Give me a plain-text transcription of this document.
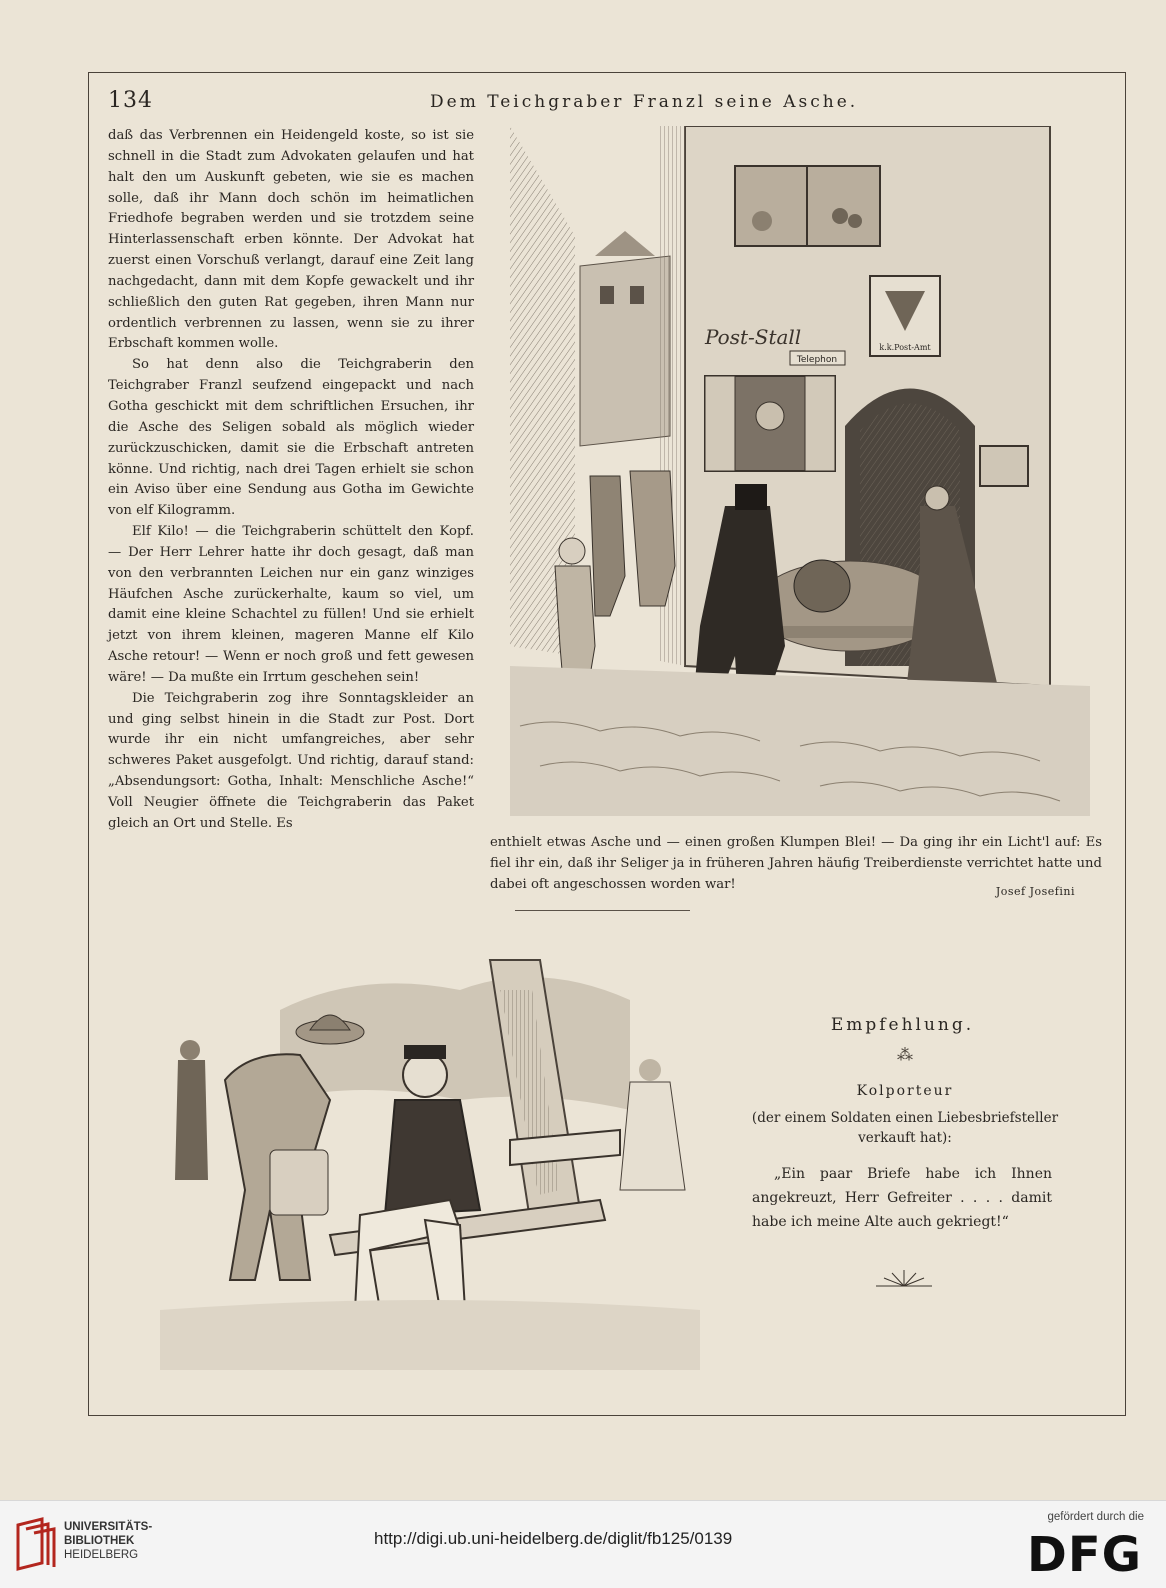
134	Dem Teichgraber Franzl seine Asche.

daß das Verbrennen ein Heidengeld koste, so ist sie schnell in die Stadt zum Advokaten gelaufen und hat halt den um Auskunft gebeten, wie sie es machen solle, daß ihr Mann doch schön im heimatlichen Friedhofe begraben werden und sie trotzdem seine Hinterlassenschaft erben könnte. Der Advokat hat zuerst einen Vorschuß verlangt, darauf eine Zeit lang nachgedacht, dann mit dem Kopfe gewackelt und ihr schließlich den guten Rat gegeben, ihren Mann nur ordentlich verbrennen zu lassen, wenn sie zu ihrer Erbschaft kommen wolle.

So hat denn also die Teichgraberin den Teichgraber Franzl seufzend eingepackt und nach Gotha geschickt mit dem schriftlichen Ersuchen, ihr die Asche des Seligen sobald als möglich wieder zurückzuschicken, damit sie die Erbschaft antreten könne. Und richtig, nach drei Tagen erhielt sie schon ein Aviso über eine Sendung aus Gotha im Gewichte von elf Kilogramm.

Elf Kilo! — die Teichgraberin schüttelt den Kopf. — Der Herr Lehrer hatte ihr doch gesagt, daß man von den verbrannten Leichen nur ein ganz winziges Häufchen Asche zurückerhalte, kaum so viel, um damit eine kleine Schachtel zu füllen! Und sie erhielt jetzt von ihrem kleinen, mageren Manne elf Kilo Asche retour! — Wenn er noch groß und fett gewesen wäre! — Da mußte ein Irrtum geschehen sein!

Die Teichgraberin zog ihre Sonntagskleider an und ging selbst hinein in die Stadt zur Post. Dort wurde ihr ein nicht umfangreiches, aber sehr schweres Paket ausgefolgt. Und richtig, darauf stand: „Absendungsort: Gotha, Inhalt: Menschliche Asche!“ Voll Neugier öffnete die Teichgraberin das Paket gleich an Ort und Stelle. Es

k.k.Post-Amt
Post-Stall
Telephon
enthielt etwas Asche und — einen großen Klumpen Blei! — Da ging ihr ein Licht'l auf: Es fiel ihr ein, daß ihr Seliger ja in früheren Jahren häufig Treiberdienste verrichtet hatte und dabei oft angeschossen worden war!	Josef Josefini
Empfehlung.
⁂
Kolporteur
(der einem Soldaten einen Liebesbriefsteller verkauft hat):

„Ein paar Briefe habe ich Ihnen angekreuzt, Herr Gefreiter . . . . damit habe ich meine Alte auch gekriegt!“

UNIVERSITÄTS-
BIBLIOTHEK
HEIDELBERG
http://digi.ub.uni-heidelberg.de/diglit/fb125/0139
gefördert durch die
DFG
